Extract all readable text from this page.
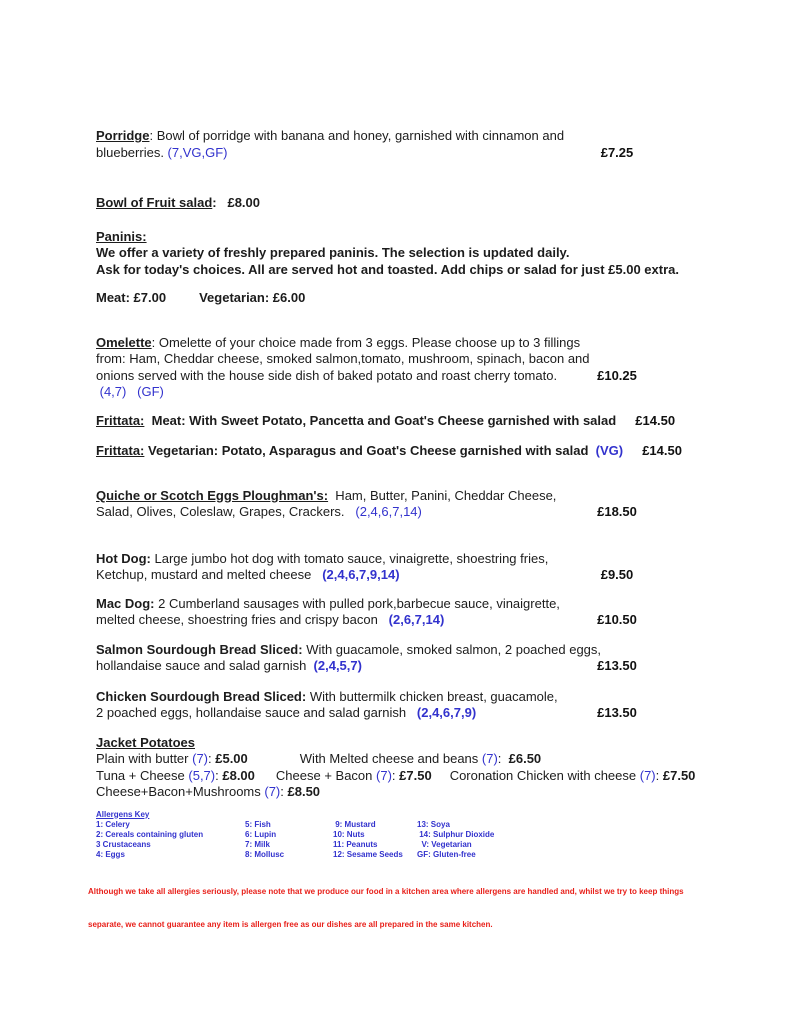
Porridge: Bowl of porridge with banana and honey, garnished with cinnamon and
blueberries. (7,VG,GF)	£7.25
Bowl of Fruit salad:   £8.00
Paninis:
We offer a variety of freshly prepared paninis. The selection is updated daily.
Ask for today's choices. All are served hot and toasted. Add chips or salad for just £5.00 extra.
Meat: £7.00	Vegetarian: £6.00
Omelette: Omelette of your choice made from 3 eggs. Please choose up to 3 fillings
from: Ham, Cheddar cheese, smoked salmon,tomato, mushroom, spinach, bacon and
onions served with the house side dish of baked potato and roast cherry tomato.	£10.25
(4,7)   (GF)
Frittata:  Meat: With Sweet Potato, Pancetta and Goat's Cheese garnished with salad	£14.50
Frittata: Vegetarian: Potato, Asparagus and Goat's Cheese garnished with salad  (VG)	£14.50
Quiche or Scotch Eggs Ploughman's:  Ham, Butter, Panini, Cheddar Cheese,
Salad, Olives, Coleslaw, Grapes, Crackers.   (2,4,6,7,14)	£18.50
Hot Dog: Large jumbo hot dog with tomato sauce, vinaigrette, shoestring fries,
Ketchup, mustard and melted cheese   (2,4,6,7,9,14)	£9.50
Mac Dog: 2 Cumberland sausages with pulled pork,barbecue sauce, vinaigrette,
melted cheese, shoestring fries and crispy bacon   (2,6,7,14)	£10.50
Salmon Sourdough Bread Sliced: With guacamole, smoked salmon, 2 poached eggs,
hollandaise sauce and salad garnish  (2,4,5,7)	£13.50
Chicken Sourdough Bread Sliced: With buttermilk chicken breast, guacamole,
2 poached eggs, hollandaise sauce and salad garnish   (2,4,6,7,9)	£13.50
Jacket Potatoes
Plain with butter (7): £5.00	With Melted cheese and beans (7):  £6.50
Tuna + Cheese (5,7): £8.00 Cheese + Bacon (7): £7.50 Coronation Chicken with cheese (7): £7.50
Cheese+Bacon+Mushrooms (7): £8.50
Allergens Key
1: Celery	5: Fish	9: Mustard	13: Soya
2: Cereals containing gluten	6: Lupin	10: Nuts	14: Sulphur Dioxide
3 Crustaceans	7: Milk	11: Peanuts	V: Vegetarian
4: Eggs	8: Mollusc	12: Sesame Seeds	GF: Gluten-free

Although we take all allergies seriously, please note that we produce our food in a kitchen area where allergens are handled and, whilst we try to keep things

separate, we cannot guarantee any item is allergen free as our dishes are all prepared in the same kitchen.
